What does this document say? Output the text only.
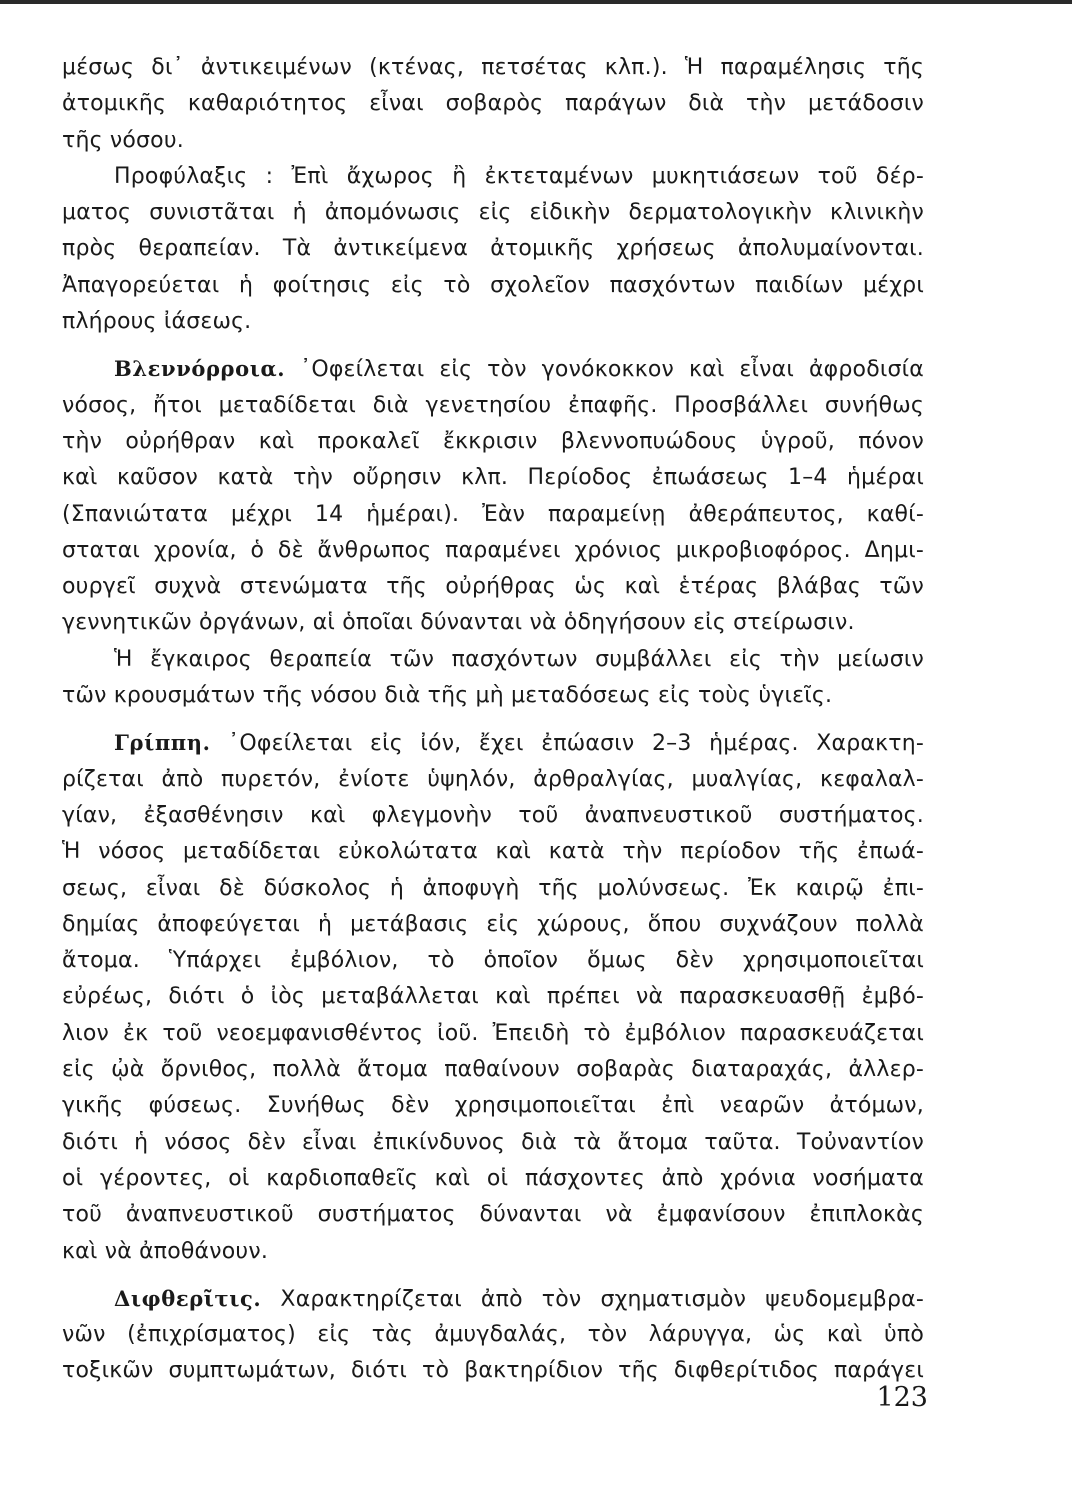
μέσως δι᾽ ἀντικειμένων (κτένας, πετσέτας κλπ.). Ἡ παραμέλησις τῆς
ἀτομικῆς καθαριότητος εἶναι σοβαρὸς παράγων διὰ τὴν μετάδοσιν
τῆς νόσου.
Προφύλαξις : Ἐπὶ ἄχωρος ἢ ἐκτεταμένων μυκητιάσεων τοῦ δέρ-
ματος συνιστᾶται ἡ ἀπομόνωσις εἰς εἰδικὴν δερματολογικὴν κλινικὴν
πρὸς θεραπείαν. Τὰ ἀντικείμενα ἀτομικῆς χρήσεως ἀπολυμαίνονται.
Ἀπαγορεύεται ἡ φοίτησις εἰς τὸ σχολεῖον πασχόντων παιδίων μέχρι
πλήρους ἰάσεως.
Βλεννόρροια. ᾽Οφείλεται εἰς τὸν γονόκοκκον καὶ εἶναι ἀφροδισία
νόσος, ἤτοι μεταδίδεται διὰ γενετησίου ἐπαφῆς. Προσβάλλει συνήθως
τὴν οὐρήθραν καὶ προκαλεῖ ἔκκρισιν βλεννοπυώδους ὑγροῦ, πόνον
καὶ καῦσον κατὰ τὴν οὔρησιν κλπ. Περίοδος ἐπωάσεως 1–4 ἡμέραι
(Σπανιώτατα μέχρι 14 ἡμέραι). Ἐὰν παραμείνῃ ἀθεράπευτος, καθί-
σταται χρονία, ὁ δὲ ἄνθρωπος παραμένει χρόνιος μικροβιοφόρος. Δημι-
ουργεῖ συχνὰ στενώματα τῆς οὐρήθρας ὡς καὶ ἑτέρας βλάβας τῶν
γεννητικῶν ὀργάνων, αἱ ὁποῖαι δύνανται νὰ ὁδηγήσουν εἰς στείρωσιν.
Ἡ ἔγκαιρος θεραπεία τῶν πασχόντων συμβάλλει εἰς τὴν μείωσιν
τῶν κρουσμάτων τῆς νόσου διὰ τῆς μὴ μεταδόσεως εἰς τοὺς ὑγιεῖς.
Γρίππη. ᾽Οφείλεται εἰς ἰόν, ἔχει ἐπώασιν 2–3 ἡμέρας. Χαρακτη-
ρίζεται ἀπὸ πυρετόν, ἐνίοτε ὑψηλόν, ἀρθραλγίας, μυαλγίας, κεφαλαλ-
γίαν, ἐξασθένησιν καὶ φλεγμονὴν τοῦ ἀναπνευστικοῦ συστήματος.
Ἡ νόσος μεταδίδεται εὐκολώτατα καὶ κατὰ τὴν περίοδον τῆς ἐπωά-
σεως, εἶναι δὲ δύσκολος ἡ ἀποφυγὴ τῆς μολύνσεως. Ἐκ καιρῷ ἐπι-
δημίας ἀποφεύγεται ἡ μετάβασις εἰς χώρους, ὅπου συχνάζουν πολλὰ
ἄτομα. Ὑπάρχει ἐμβόλιον, τὸ ὁποῖον ὅμως δὲν χρησιμοποιεῖται
εὐρέως, διότι ὁ ἰὸς μεταβάλλεται καὶ πρέπει νὰ παρασκευασθῇ ἐμβό-
λιον ἐκ τοῦ νεοεμφανισθέντος ἰοῦ. Ἐπειδὴ τὸ ἐμβόλιον παρασκευάζεται
εἰς ᾠὰ ὄρνιθος, πολλὰ ἄτομα παθαίνουν σοβαρὰς διαταραχάς, ἀλλερ-
γικῆς φύσεως. Συνήθως δὲν χρησιμοποιεῖται ἐπὶ νεαρῶν ἀτόμων,
διότι ἡ νόσος δὲν εἶναι ἐπικίνδυνος διὰ τὰ ἄτομα ταῦτα. Τοὐναντίον
οἱ γέροντες, οἱ καρδιοπαθεῖς καὶ οἱ πάσχοντες ἀπὸ χρόνια νοσήματα
τοῦ ἀναπνευστικοῦ συστήματος δύνανται νὰ ἐμφανίσουν ἐπιπλοκὰς
καὶ νὰ ἀποθάνουν.
Διφθερῖτις. Χαρακτηρίζεται ἀπὸ τὸν σχηματισμὸν ψευδομεμβρα-
νῶν (ἐπιχρίσματος) εἰς τὰς ἀμυγδαλάς, τὸν λάρυγγα, ὡς καὶ ὑπὸ
τοξικῶν συμπτωμάτων, διότι τὸ βακτηρίδιον τῆς διφθερίτιδος παράγει
123
